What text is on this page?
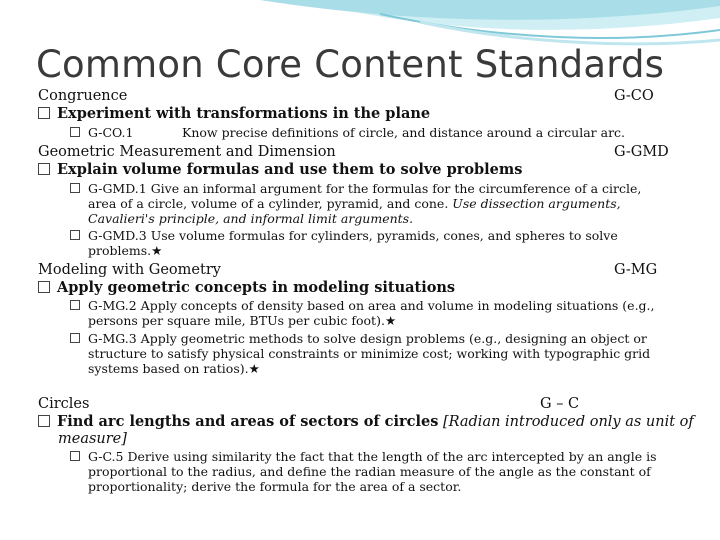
Common Core Content Standards
Congruence	G-CO
Experiment with transformations in the plane
G-CO.1	Know precise definitions of circle, and distance around a circular arc.
Geometric Measurement and Dimension	G-GMD
Explain volume formulas and use them to solve problems
G-GMD.1 Give an informal argument for the formulas for the circumference of a circle,
area of a circle, volume of a cylinder, pyramid, and cone. Use dissection arguments,
Cavalieri's principle, and informal limit arguments.
G-GMD.3 Use volume formulas for cylinders, pyramids, cones, and spheres to solve
problems.★
Modeling with Geometry	G-MG
Apply geometric concepts in modeling situations
G-MG.2 Apply concepts of density based on area and volume in modeling situations (e.g.,
persons per square mile, BTUs per cubic foot).★
G-MG.3 Apply geometric methods to solve design problems (e.g., designing an object or
structure to satisfy physical constraints or minimize cost; working with typographic grid
systems based on ratios).★
Circles	G – C
Find arc lengths and areas of sectors of circles [Radian introduced only as unit of
measure]
G-C.5 Derive using similarity the fact that the length of the arc intercepted by an angle is
proportional to the radius, and define the radian measure of the angle as the constant of
proportionality; derive the formula for the area of a sector.
